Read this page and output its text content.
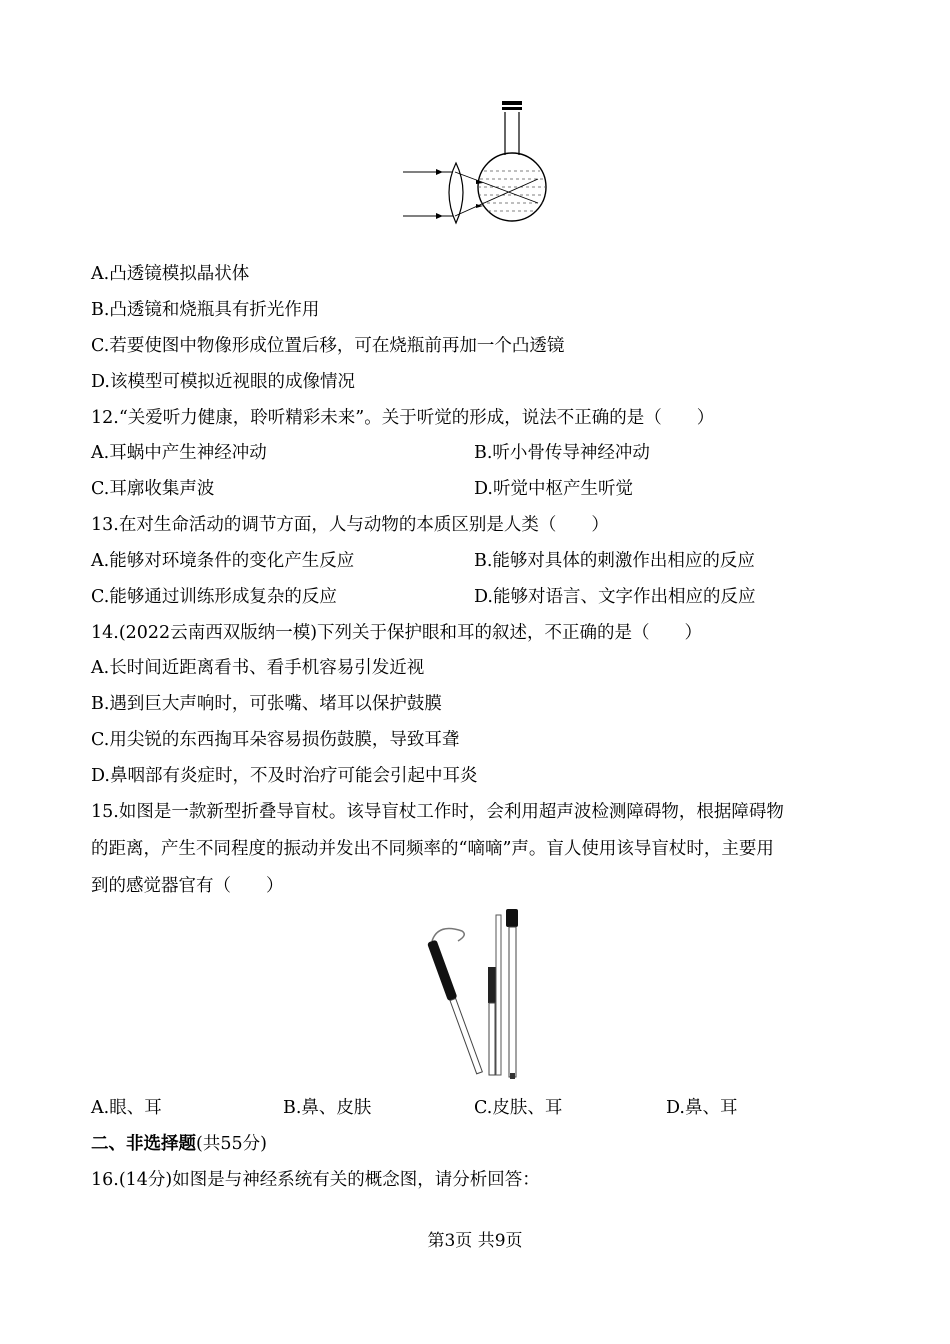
A.凸透镜模拟晶状体
B.凸透镜和烧瓶具有折光作用
C.若要使图中物像形成位置后移，可在烧瓶前再加一个凸透镜
D.该模型可模拟近视眼的成像情况
12.“关爱听力健康，聆听精彩未来”。关于听觉的形成，说法不正确的是（　　）
A.耳蜗中产生神经冲动	B.听小骨传导神经冲动
C.耳廓收集声波	D.听觉中枢产生听觉
13.在对生命活动的调节方面，人与动物的本质区别是人类（　　）
A.能够对环境条件的变化产生反应	B.能够对具体的刺激作出相应的反应
C.能够通过训练形成复杂的反应	D.能够对语言、文字作出相应的反应
14.(2022云南西双版纳一模)下列关于保护眼和耳的叙述，不正确的是（　　）
A.长时间近距离看书、看手机容易引发近视
B.遇到巨大声响时，可张嘴、堵耳以保护鼓膜
C.用尖锐的东西掏耳朵容易损伤鼓膜，导致耳聋
D.鼻咽部有炎症时，不及时治疗可能会引起中耳炎
15.如图是一款新型折叠导盲杖。该导盲杖工作时，会利用超声波检测障碍物，根据障碍物
的距离，产生不同程度的振动并发出不同频率的“嘀嘀”声。盲人使用该导盲杖时，主要用
到的感觉器官有（　　）
A.眼、耳	B.鼻、皮肤	C.皮肤、耳	D.鼻、耳
二、非选择题(共55分)
16.(14分)如图是与神经系统有关的概念图，请分析回答：
第3页 共9页
